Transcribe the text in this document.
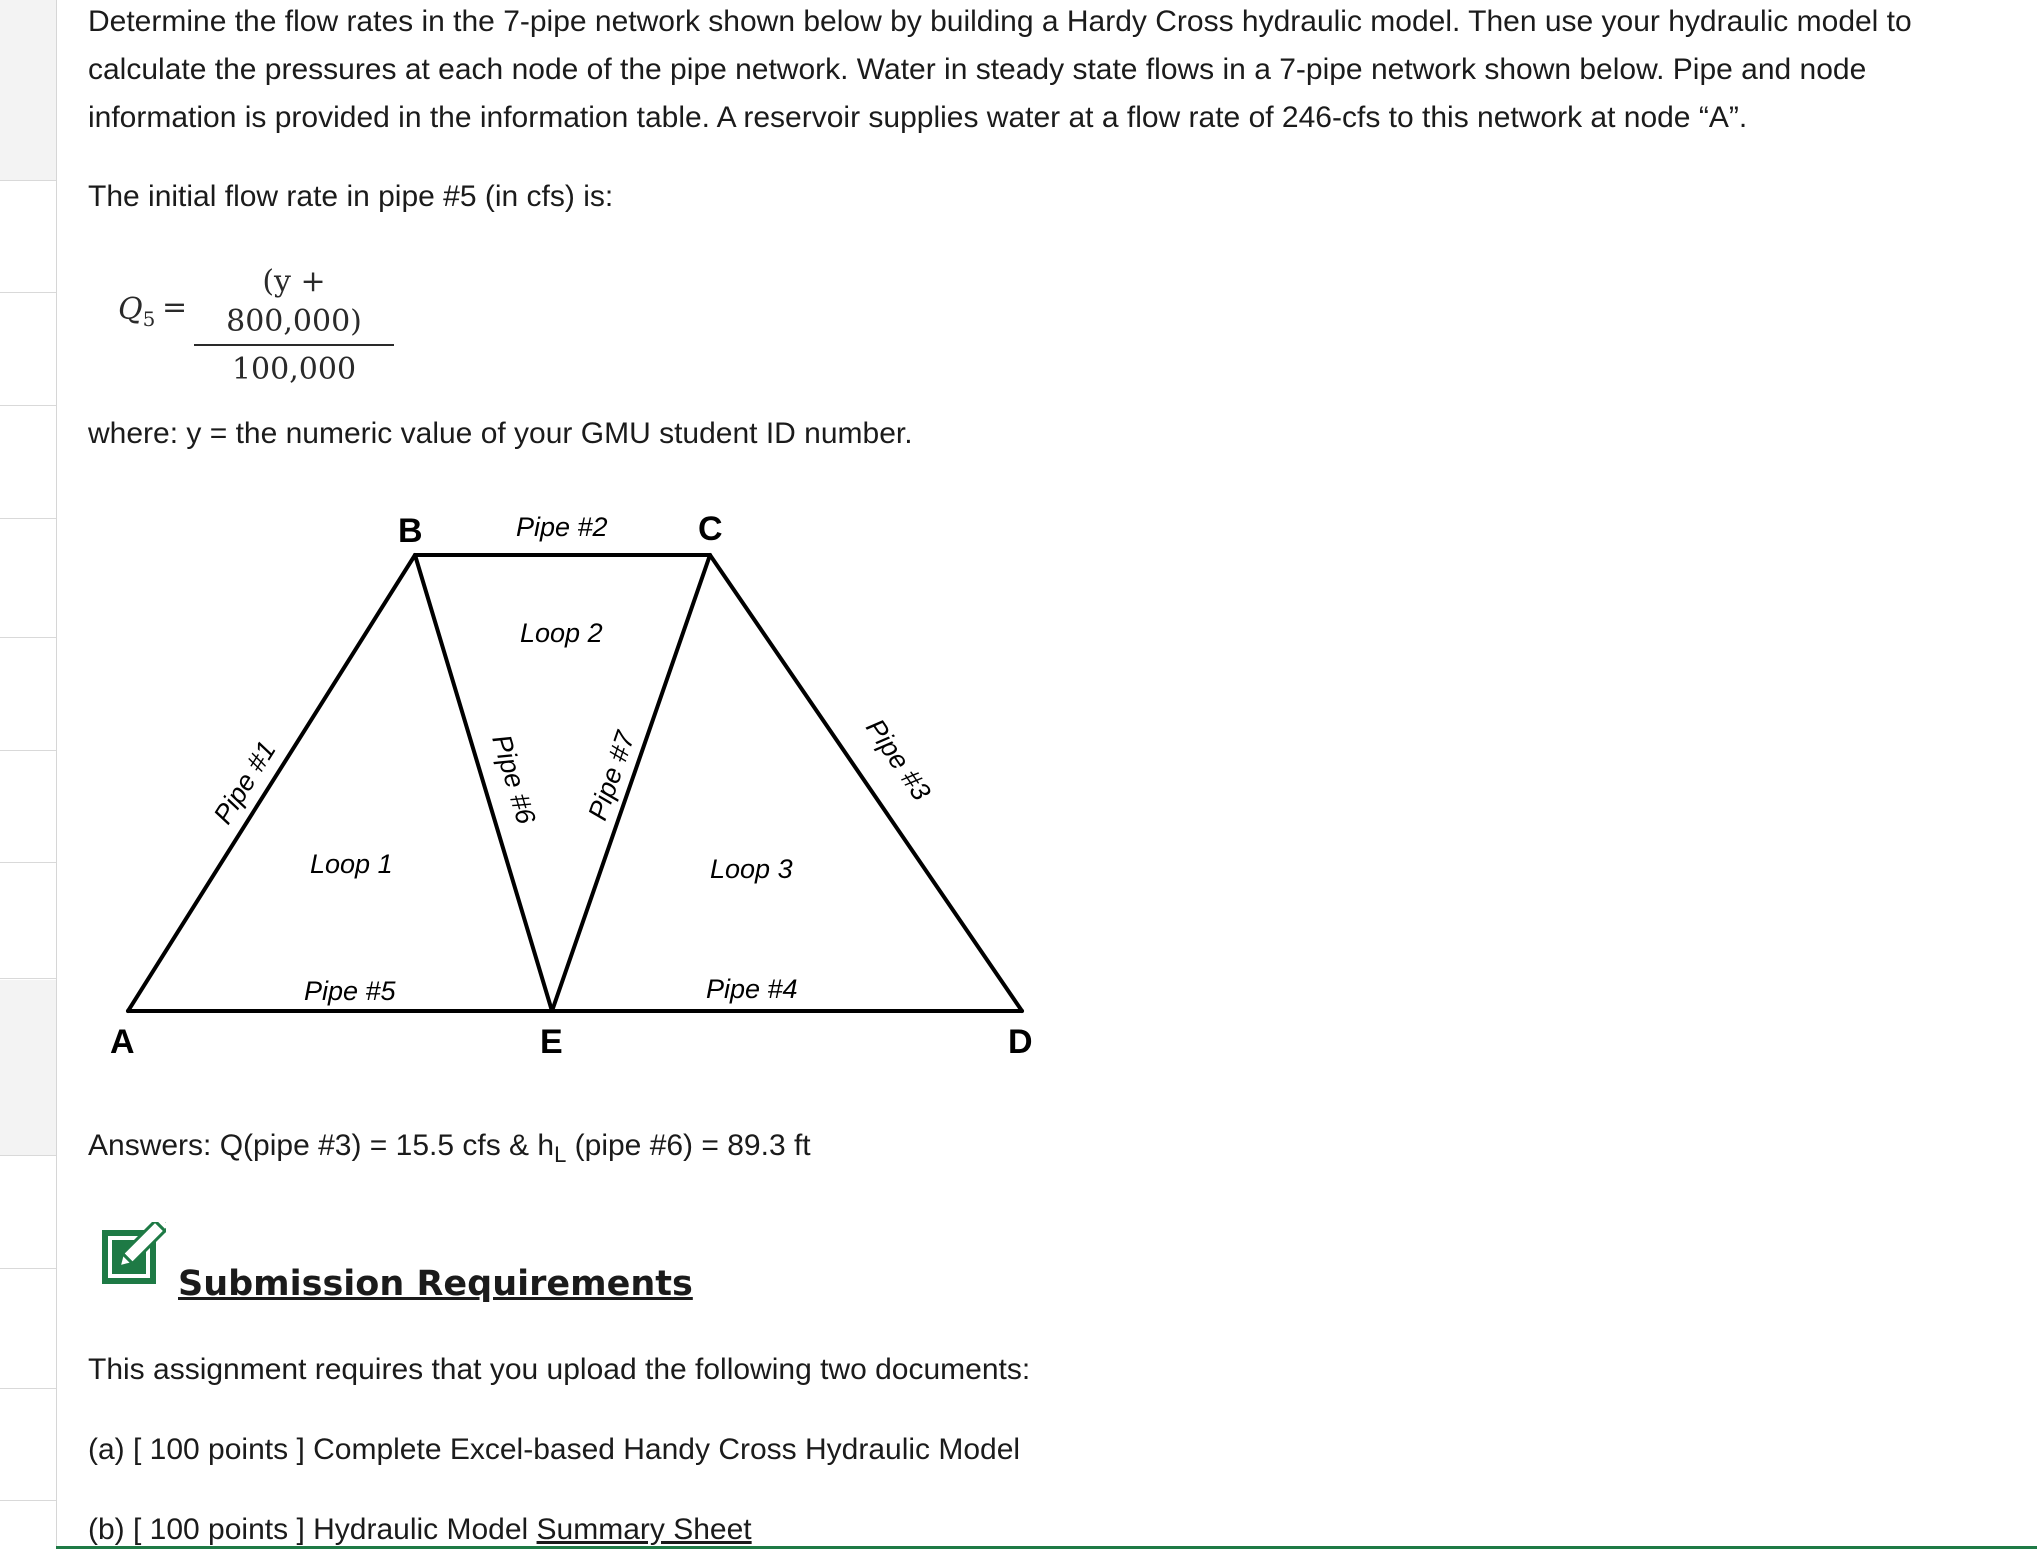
Determine the flow rates in the 7-pipe network shown below by building a Hardy Cross hydraulic model. Then use your hydraulic model to

calculate the pressures at each node of the pipe network. Water in steady state flows in a 7-pipe network shown below. Pipe and node

information is provided in the information table. A reservoir supplies water at a flow rate of 246-cfs to this network at node “A”.

The initial flow rate in pipe #5 (in cfs) is:

where: y = the numeric value of your GMU student ID number.

Answers: Q(pipe #3) = 15.5 cfs & $h_L$ (pipe #6) = 89.3 ft

This assignment requires that you upload the following two documents:

(a) [ 100 points ] Complete Excel-based Handy Cross Hydraulic Model

(b) [ 100 points ] Hydraulic Model Summary Sheet

$Q_5$ =
(y + 800,000)
100,000
A
B	C
D
E
Pipe #2
Pipe #5	Pipe #4
Loop 2
Loop 1	Loop 3
Pipe #1	Pipe #6 Pipe #7	Pipe #3
Submission Requirements
